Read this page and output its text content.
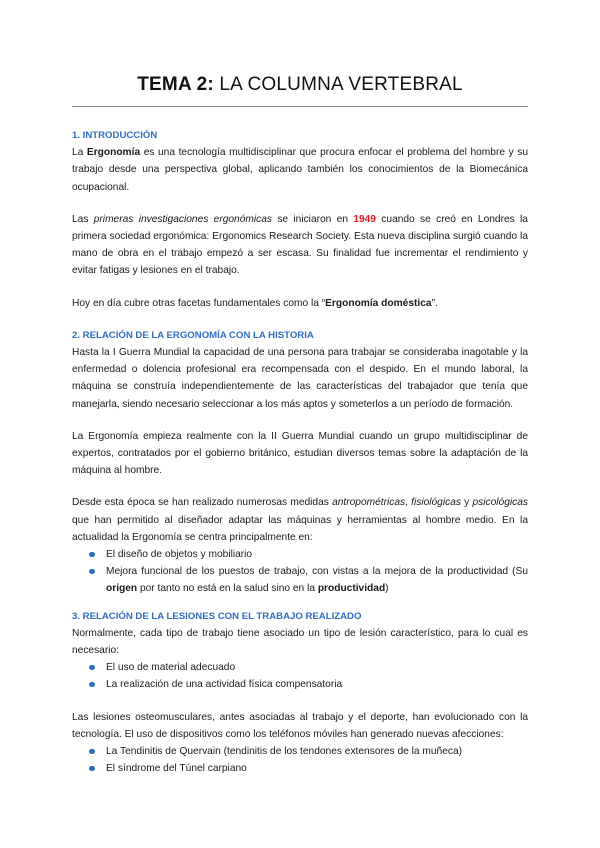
TEMA 2: LA COLUMNA VERTEBRAL

1. INTRODUCCIÓN

La Ergonomía es una tecnología multidisciplinar que procura enfocar el problema del hombre y su trabajo desde una perspectiva global, aplicando también los conocimientos de la Biomecánica ocupacional.

Las primeras investigaciones ergonómicas se iniciaron en 1949 cuando se creó en Londres la primera sociedad ergonómica: Ergonomics Research Society. Esta nueva disciplina surgió cuando la mano de obra en el trabajo empezó a ser escasa. Su finalidad fue incrementar el rendimiento y evitar fatigas y lesiones en el trabajo.

Hoy en día cubre otras facetas fundamentales como la “Ergonomía doméstica”.

2. RELACIÓN DE LA ERGONOMÍA CON LA HISTORIA

Hasta la I Guerra Mundial la capacidad de una persona para trabajar se consideraba inagotable y la enfermedad o dolencia profesional era recompensada con el despido. En el mundo laboral, la máquina se construía independientemente de las características del trabajador que tenía que manejarla, siendo necesario seleccionar a los más aptos y someterlos a un período de formación.

La Ergonomía empieza realmente con la II Guerra Mundial cuando un grupo multidisciplinar de expertos, contratados por el gobierno británico, estudian diversos temas sobre la adaptación de la máquina al hombre.

Desde esta época se han realizado numerosas medidas antropométricas, fisiológicas y psicológicas que han permitido al diseñador adaptar las máquinas y herramientas al hombre medio. En la actualidad la Ergonomía se centra principalmente en:

El diseño de objetos y mobiliario
Mejora funcional de los puestos de trabajo, con vistas a la mejora de la productividad (Su origen por tanto no está en la salud sino en la productividad)

3. RELACIÓN DE LA LESIONES CON EL TRABAJO REALIZADO

Normalmente, cada tipo de trabajo tiene asociado un tipo de lesión característico, para lo cual es necesario:

El uso de material adecuado
La realización de una actividad física compensatoria

Las lesiones osteomusculares, antes asociadas al trabajo y el deporte, han evolucionado con la tecnología. El uso de dispositivos como los teléfonos móviles han generado nuevas afecciones:

La Tendinitis de Quervain (tendinitis de los tendones extensores de la muñeca)
El síndrome del Túnel carpiano
